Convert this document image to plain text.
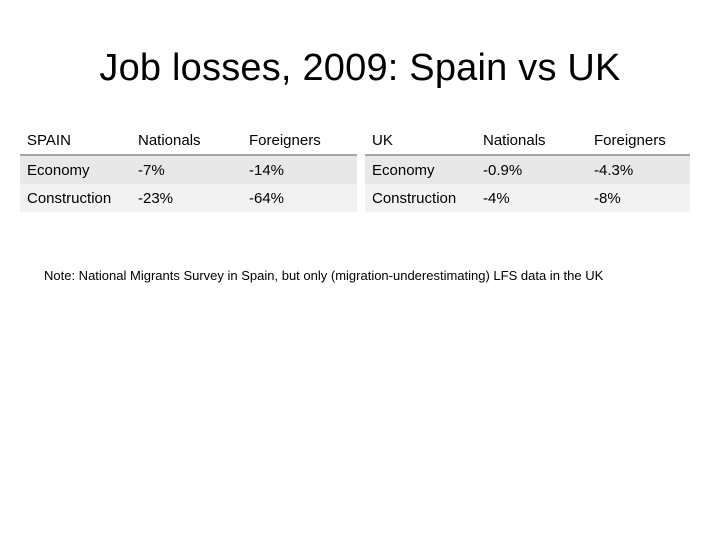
Job losses, 2009: Spain vs UK
SPAIN	Nationals	Foreigners
Economy	-7%	-14%
Construction	-23%	-64%
UK	Nationals	Foreigners
Economy	-0.9%	-4.3%
Construction	-4%	-8%
Note: National Migrants Survey in Spain, but only (migration-underestimating) LFS data in the UK
